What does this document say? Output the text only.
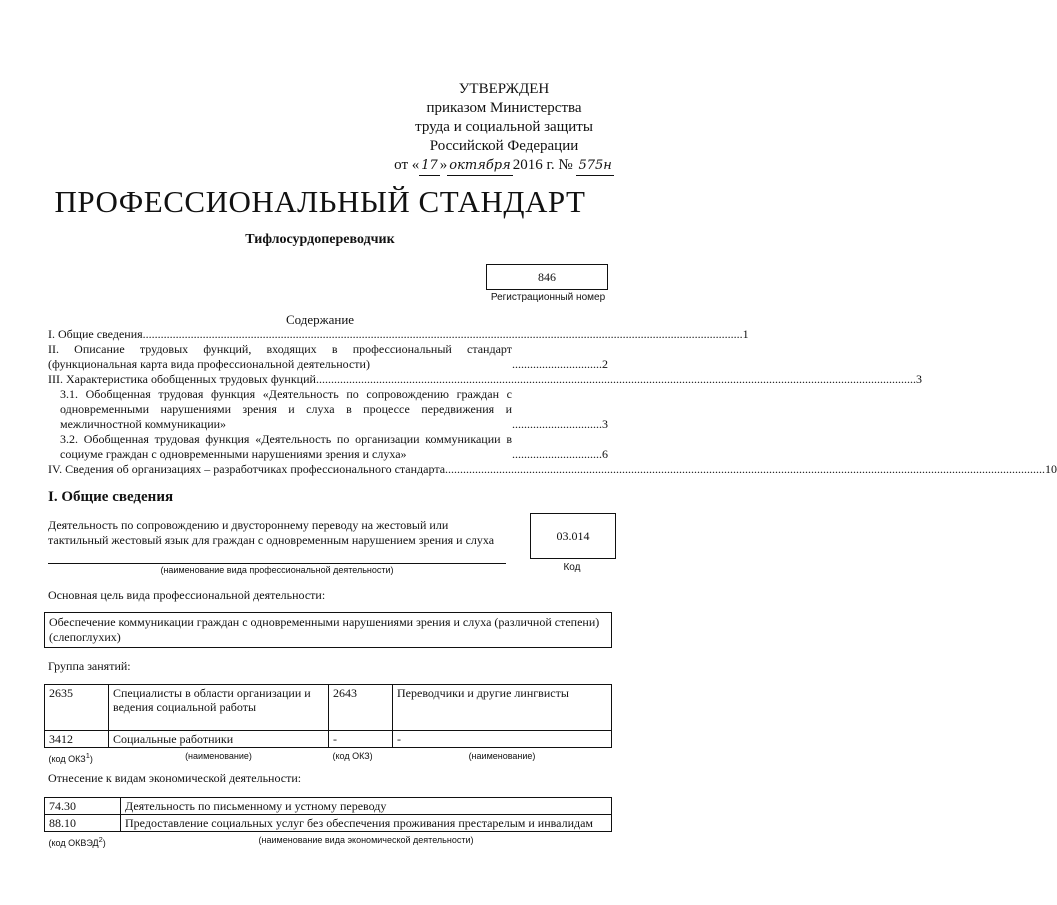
УТВЕРЖДЕН
приказом Министерства
труда и социальной защиты
Российской Федерации
от « 17 » октября 2016 г. № 575н
ПРОФЕССИОНАЛЬНЫЙ СТАНДАРТ
Тифлосурдопереводчик
846
Регистрационный номер
Содержание
I. Общие сведения ........................................................................................................................................................................................................ 1
II. Описание трудовых функций, входящих в профессиональный стандарт (функциональная карта вида профессиональной деятельности)	.............................. 2
III. Характеристика обобщенных трудовых функций ........................................................................................................................................................................................................ 3
3.1. Обобщенная трудовая функция «Деятельность по сопровождению граждан с одновременными нарушениями зрения и слуха в процессе передвижения и межличностной коммуникации»	.............................. 3
3.2. Обобщенная трудовая функция «Деятельность по организации коммуникации в социуме граждан с одновременными нарушениями зрения и слуха»	.............................. 6
IV. Сведения об организациях – разработчиках профессионального стандарта ........................................................................................................................................................................................................ 10
I. Общие сведения
Деятельность по сопровождению и двустороннему переводу на жестовый или тактильный жестовый язык для граждан с одновременным нарушением зрения и слуха
(наименование вида профессиональной деятельности)
03.014
Код
Основная цель вида профессиональной деятельности:
Обеспечение коммуникации граждан с одновременными нарушениями зрения и слуха (различной степени) (слепоглухих)
Группа занятий:
2635	Специалисты в области организации и ведения социальной работы	2643	Переводчики и другие лингвисты
3412	Социальные работники	-	-
(код ОКЗ$^1$)	(наименование)	(код ОКЗ)	(наименование)
Отнесение к видам экономической деятельности:
74.30	Деятельность по письменному и устному переводу
88.10	Предоставление социальных услуг без обеспечения проживания престарелым и инвалидам
(код ОКВЭД$^2$)	(наименование вида экономической деятельности)
